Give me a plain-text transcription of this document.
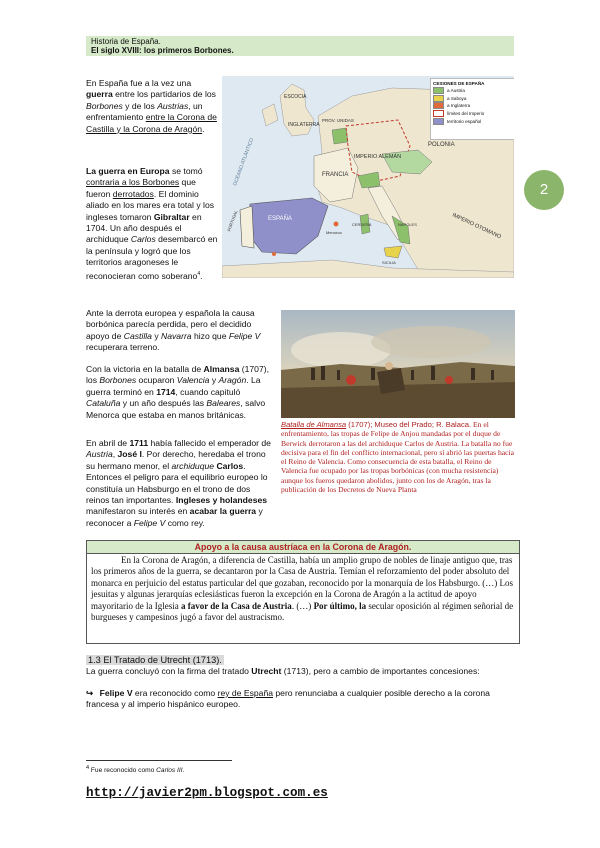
Historia de España.
El siglo XVIII: los primeros Borbones.
2
En España fue a la vez una guerra entre los partidarios de los Borbones y de los Austrias, un enfrentamiento entre la Corona de Castilla y la Corona de Aragón.
La guerra en Europa se tomó contraria a los Borbones que fueron derrotados. El dominio aliado en los mares era total y los ingleses tomaron Gibraltar en 1704. Un año después el archiduque Carlos desembarcó en la península y logró que los territorios aragoneses le reconocieran como soberano$^4$.
ESCOCIA
INGLATERRA
PROV. UNIDAS
FRANCIA
ESPAÑA
PORTUGAL
IMPERIO ALEMÁN
POLONIA
IMPERIO OTOMANO
OCÉANO ATLÁNTICO
Menorca
NÁPOLES
CERDEÑA
SICILIA
CESIONES DE ESPAÑA
a Austria
a Saboya
a Inglaterra
límites del Imperio
territorio español
Ante la derrota europea y española la causa borbónica parecía perdida, pero el decidido apoyo de Castilla y Navarra hizo que Felipe V recuperara terreno.
Con la victoria en la batalla de Almansa (1707), los Borbones ocuparon Valencia y Aragón. La guerra terminó en 1714, cuando capituló Cataluña y un año después las Baleares, salvo Menorca que estaba en manos británicas.
Batalla de Almansa (1707); Museo del Prado; R. Balaca. En el enfrentamiento, las tropas de Felipe de Anjou mandadas por el duque de Berwick derrotaron a las del archiduque Carlos de Austria. La batalla no fue decisiva para el fin del conflicto internacional, pero sí abrió las puertas hacia el Reino de Valencia. Como consecuencia de esta batalla, el Reino de Valencia fue ocupado por las tropas borbónicas (con mucha resistencia) aunque los fueros quedaron abolidos, junto con los de Aragón, tras la publicación de los Decretos de Nueva Planta
En abril de 1711 había fallecido el emperador de Austria, José I. Por derecho, heredaba el trono su hermano menor, el archiduque Carlos. Entonces el peligro para el equilibrio europeo lo constituía un Habsburgo en el trono de dos reinos tan importantes. Ingleses y holandeses manifestaron su interés en acabar la guerra y reconocer a Felipe V como rey.
Apoyo a la causa austríaca en la Corona de Aragón.
En la Corona de Aragón, a diferencia de Castilla, había un amplio grupo de nobles de linaje antiguo que, tras los primeros años de la guerra, se decantaron por la Casa de Austria. Temían el reforzamiento del poder absoluto del monarca en perjuicio del estatus particular del que gozaban, reconocido por la monarquía de los Habsburgo. (…) Los jesuitas y algunas jerarquías eclesiásticas fueron la excepción en la Corona de Aragón a la actitud de apoyo mayoritario de la Iglesia a favor de la Casa de Austria. (…) Por último, la secular oposición al régimen señorial de burgueses y campesinos jugó a favor del austracismo.
1.3 El Tratado de Utrecht (1713).
La guerra concluyó con la firma del tratado Utrecht (1713), pero a cambio de importantes concesiones:
↪ Felipe V era reconocido como rey de España pero renunciaba a cualquier posible derecho a la corona francesa y al imperio hispánico europeo.
$^4$ Fue reconocido como Carlos III.
http://javier2pm.blogspot.com.es
